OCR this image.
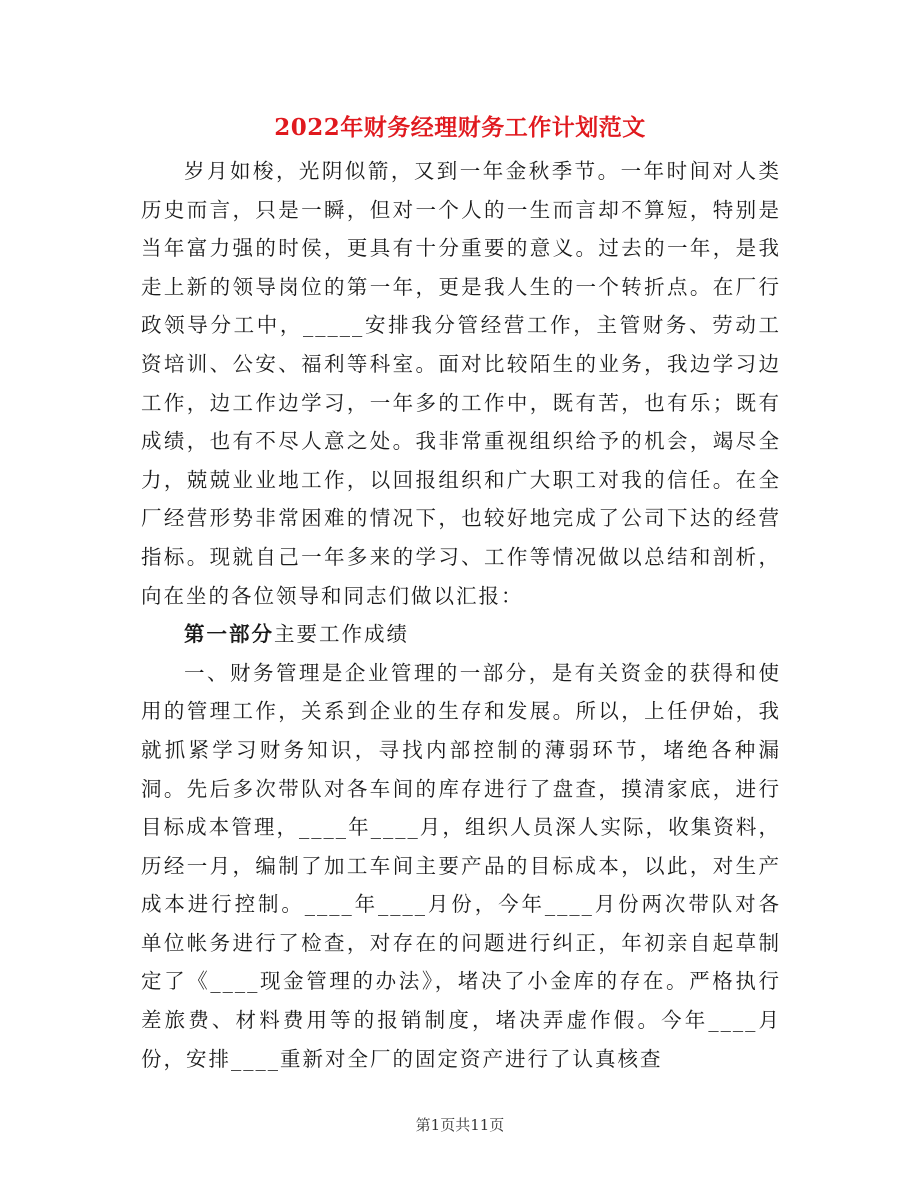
2022年财务经理财务工作计划范文

岁月如梭，光阴似箭，又到一年金秋季节。一年时间对人类历史而言，只是一瞬，但对一个人的一生而言却不算短，特别是当年富力强的时侯，更具有十分重要的意义。过去的一年，是我走上新的领导岗位的第一年，更是我人生的一个转折点。在厂行政领导分工中，_____安排我分管经营工作，主管财务、劳动工资培训、公安、福利等科室。面对比较陌生的业务，我边学习边工作，边工作边学习，一年多的工作中，既有苦，也有乐；既有成绩，也有不尽人意之处。我非常重视组织给予的机会，竭尽全力，兢兢业业地工作，以回报组织和广大职工对我的信任。在全厂经营形势非常困难的情况下，也较好地完成了公司下达的经营指标。现就自己一年多来的学习、工作等情况做以总结和剖析，向在坐的各位领导和同志们做以汇报：

第一部分主要工作成绩

一、财务管理是企业管理的一部分，是有关资金的获得和使用的管理工作，关系到企业的生存和发展。所以，上任伊始，我就抓紧学习财务知识，寻找内部控制的薄弱环节，堵绝各种漏洞。先后多次带队对各车间的库存进行了盘查，摸清家底，进行目标成本管理，____年____月，组织人员深人实际，收集资料，历经一月，编制了加工车间主要产品的目标成本，以此，对生产成本进行控制。____年____月份，今年____月份两次带队对各单位帐务进行了检查，对存在的问题进行纠正，年初亲自起草制定了《____现金管理的办法》，堵决了小金库的存在。严格执行差旅费、材料费用等的报销制度，堵决弄虚作假。今年____月份，安排____重新对全厂的固定资产进行了认真核查

第1页共11页
